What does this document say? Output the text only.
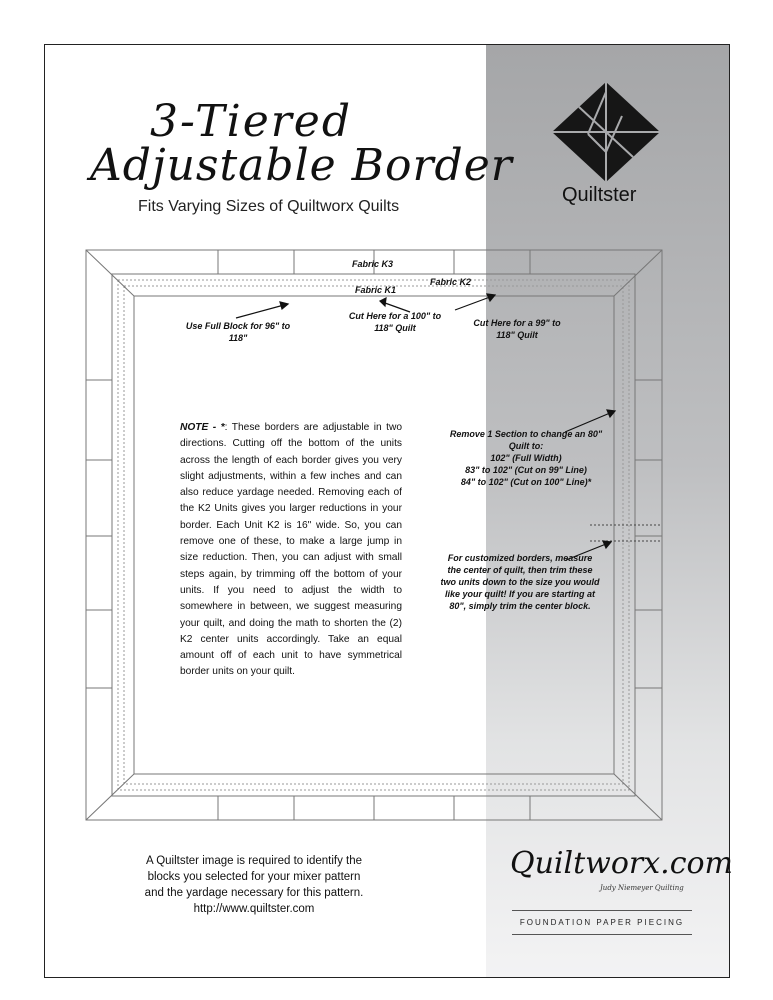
3-Tiered
Adjustable Border
Fits Varying Sizes of Quiltworx Quilts
Quiltster
Fabric K3
Fabric K2
Fabric K1
Use Full Block for 96" to 118"
Cut Here for a 100" to 118" Quilt	Cut Here for a 99" to 118" Quilt
NOTE - *: These borders are adjustable in two directions. Cutting off the bottom of the units across the length of each border gives you very slight adjustments, within a few inches and can also reduce yardage needed. Removing each of the K2 Units gives you larger reductions in your border. Each Unit K2 is 16" wide. So, you can remove one of these, to make a large jump in size reduction. Then, you can adjust with small steps again, by trimming off the bottom of your units. If you need to adjust the width to somewhere in between, we suggest measuring your quilt, and doing the math to shorten the (2) K2 center units accordingly. Take an equal amount off of each unit to have symmetrical border units on your quilt.
Remove 1 Section to change an 80"
Quilt to:
102" (Full Width)
83" to 102" (Cut on 99" Line)
84" to 102" (Cut on 100" Line)*
For customized borders, measure the center of quilt, then trim these two units down to the size you would like your quilt! If you are starting at 80", simply trim the center block.
A Quiltster image is required to identify the blocks you selected for your mixer pattern and the yardage necessary for this pattern. http://www.quiltster.com
Quiltworx.com
Judy Niemeyer Quilting
FOUNDATION PAPER PIECING
